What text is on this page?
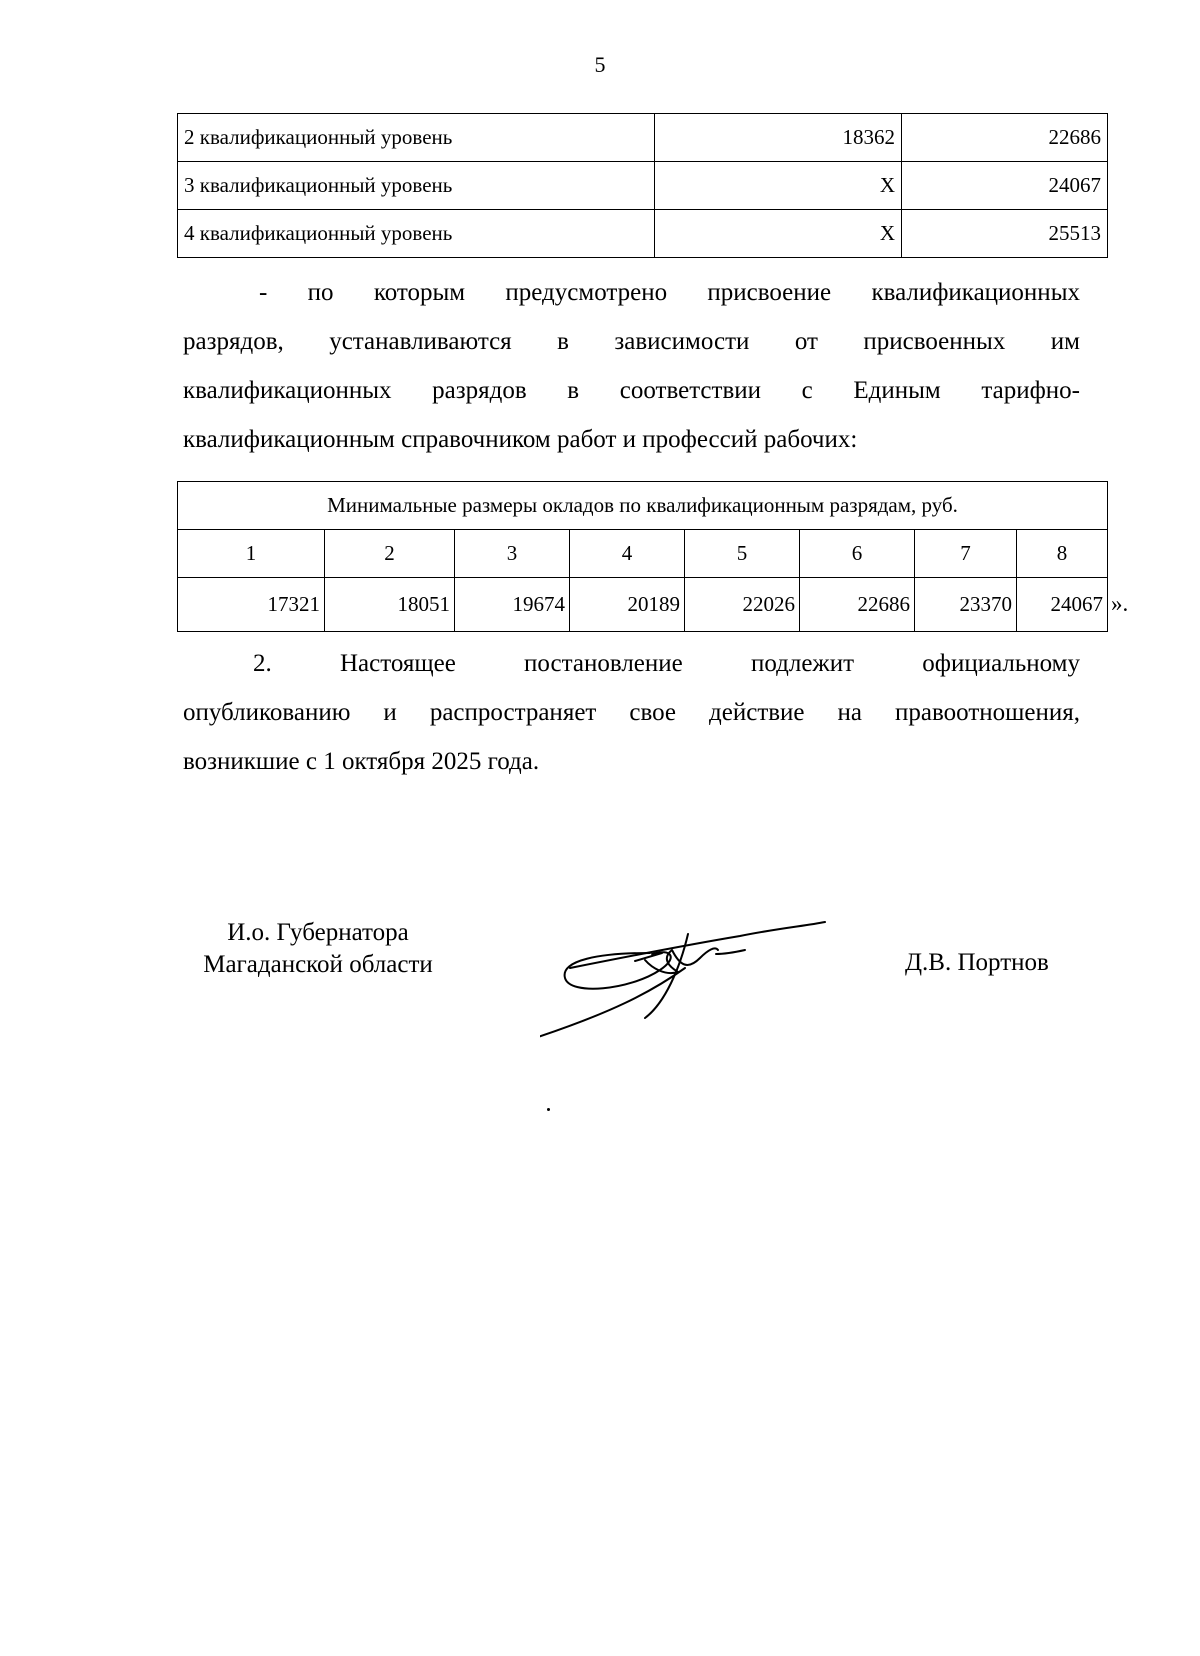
5
2 квалификационный уровень	18362	22686
3 квалификационный уровень	Х	24067
4 квалификационный уровень	Х	25513
- по которым предусмотрено присвоение квалификационных
разрядов, устанавливаются в зависимости от присвоенных им
квалификационных разрядов в соответствии с Единым тарифно-
квалификационным справочником работ и профессий рабочих:
Минимальные размеры окладов по квалификационным разрядам, руб.							
1	2	3	4	5	6	7	8
17321	18051	19674	20189	22026	22686	23370	24067 ».
2. Настоящее постановление подлежит официальному
опубликованию и распространяет свое действие на правоотношения,
возникшие с 1 октября 2025 года.
И.о. Губернатора
Магаданской области	Д.В. Портнов
